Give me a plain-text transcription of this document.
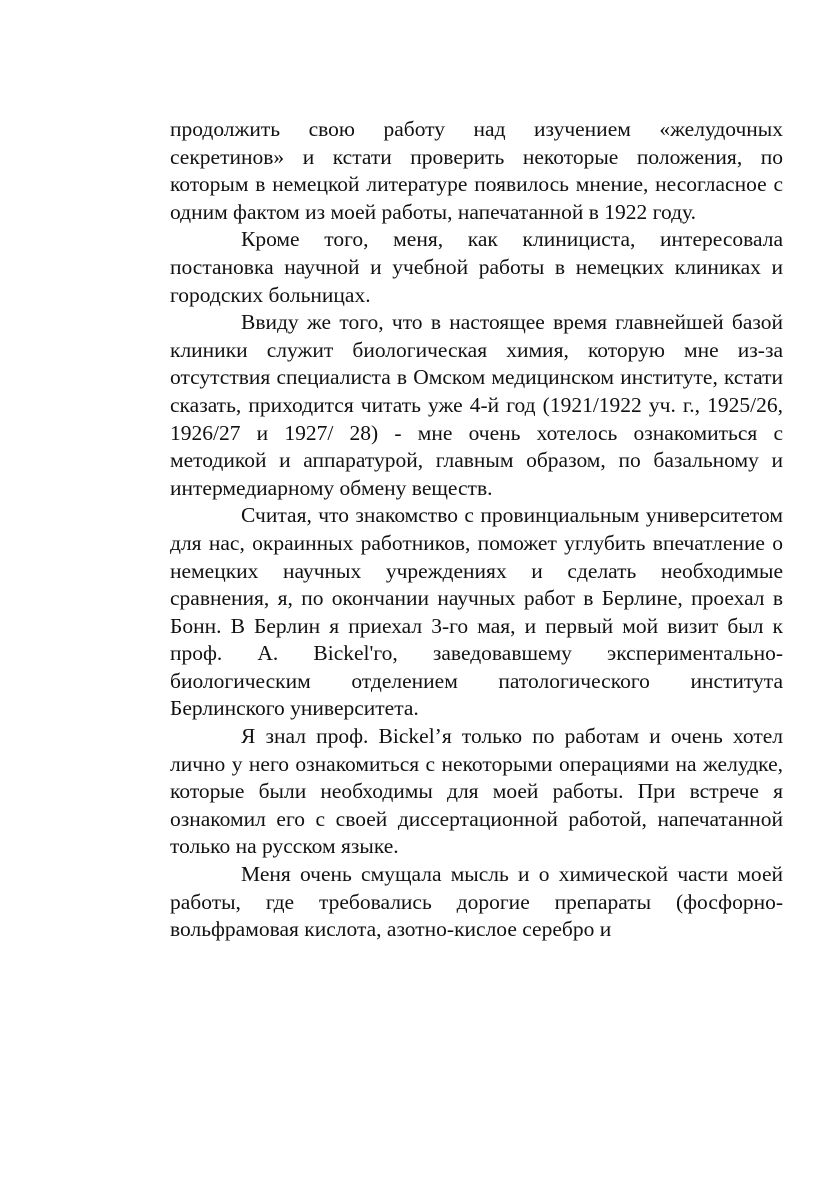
продолжить свою работу над изучением «желудочных секретинов» и кстати проверить некоторые положения, по которым в немецкой литературе появилось мнение, несогласное с одним фактом из моей работы, напечатанной в 1922 году.

Кроме того, меня, как клинициста, интересовала постановка научной и учебной работы в немецких клиниках и городских больницах.

Ввиду же того, что в настоящее время главнейшей базой клиники служит биологическая химия, которую мне из-за отсутствия специалиста в Омском медицинском институте, кстати сказать, приходится читать уже 4-й год (1921/1922 уч. г., 1925/26, 1926/27 и 1927/ 28) - мне очень хотелось ознакомиться с методикой и аппаратурой, главным образом, по базальному и интермедиарному обмену веществ.

Считая, что знакомство с провинциальным университетом для нас, окраинных работников, поможет углубить впечатление о немецких научных учреждениях и сделать необходимые сравнения, я, по окончании научных работ в Берлине, проехал в Бонн. В Берлин я приехал 3-го мая, и первый мой визит был к проф. A. Bickel'го, заведовавшему экспериментально-биологическим отделением патологического института Берлинского университета.

Я знал проф. Bickel’я только по работам и очень хотел лично у него ознакомиться с некоторыми операциями на желудке, которые были необходимы для моей работы. При встрече я ознакомил его с своей диссертационной работой, напечатанной только на русском языке.

Меня очень смущала мысль и о химической части моей работы, где требовались дорогие препараты (фосфорно-вольфрамовая кислота, азотно-кислое серебро и
